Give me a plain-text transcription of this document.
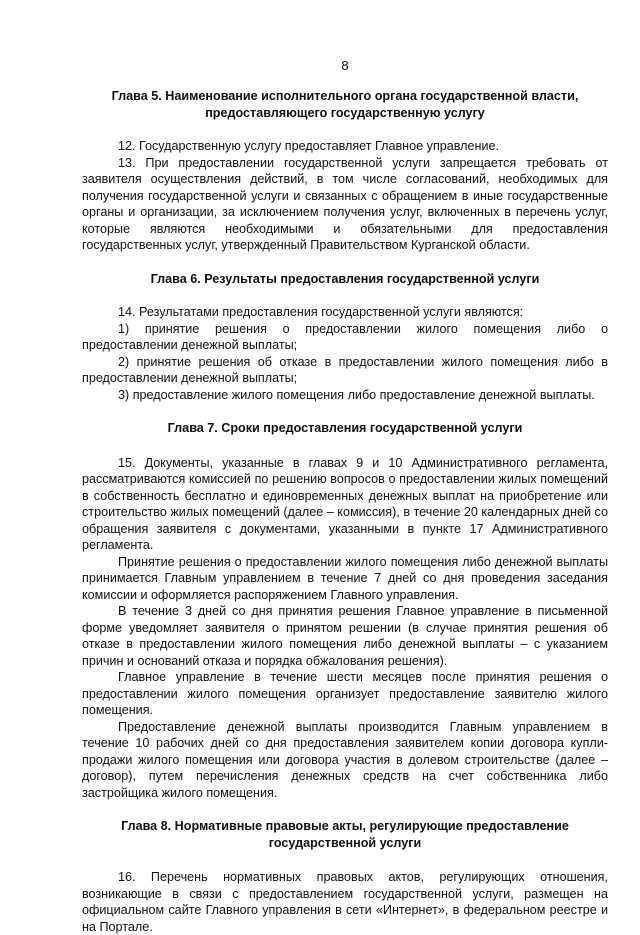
8
Глава 5. Наименование исполнительного органа государственной власти,
предоставляющего государственную услугу

12. Государственную услугу предоставляет Главное управление.

13. При предоставлении государственной услуги запрещается требовать от заявителя осуществления действий, в том числе согласований, необходимых для получения государственной услуги и связанных с обращением в иные государственные органы и организации, за исключением получения услуг, включенных в перечень услуг, которые являются необходимыми и обязательными для предоставления государственных услуг, утвержденный Правительством Курганской области.

Глава 6. Результаты предоставления государственной услуги

14. Результатами предоставления государственной услуги являются:

1) принятие решения о предоставлении жилого помещения либо о предоставлении денежной выплаты;

2) принятие решения об отказе в предоставлении жилого помещения либо в предоставлении денежной выплаты;

3) предоставление жилого помещения либо предоставление денежной выплаты.

Глава 7. Сроки предоставления государственной услуги

15. Документы, указанные в главах 9 и 10 Административного регламента, рассматриваются комиссией по решению вопросов о предоставлении жилых помещений в собственность бесплатно и единовременных денежных выплат на приобретение или строительство жилых помещений (далее – комиссия), в течение 20 календарных дней со обращения заявителя с документами, указанными в пункте 17 Административного регламента.

Принятие решения о предоставлении жилого помещения либо денежной выплаты принимается Главным управлением в течение 7 дней со дня проведения заседания комиссии и оформляется распоряжением Главного управления.

В течение 3 дней со дня принятия решения Главное управление в письменной форме уведомляет заявителя о принятом решении (в случае принятия решения об отказе в предоставлении жилого помещения либо денежной выплаты – с указанием причин и оснований отказа и порядка обжалования решения).

Главное управление в течение шести месяцев после принятия решения о предоставлении жилого помещения организует предоставление заявителю жилого помещения.

Предоставление денежной выплаты производится Главным управлением в течение 10 рабочих дней со дня предоставления заявителем копии договора купли-продажи жилого помещения или договора участия в долевом строительстве (далее – договор), путем перечисления денежных средств на счет собственника либо застройщика жилого помещения.

Глава 8. Нормативные правовые акты, регулирующие предоставление
государственной услуги

16. Перечень нормативных правовых актов, регулирующих отношения, возникающие в связи с предоставлением государственной услуги, размещен на официальном сайте Главного управления в сети «Интернет», в федеральном реестре и на Портале.
